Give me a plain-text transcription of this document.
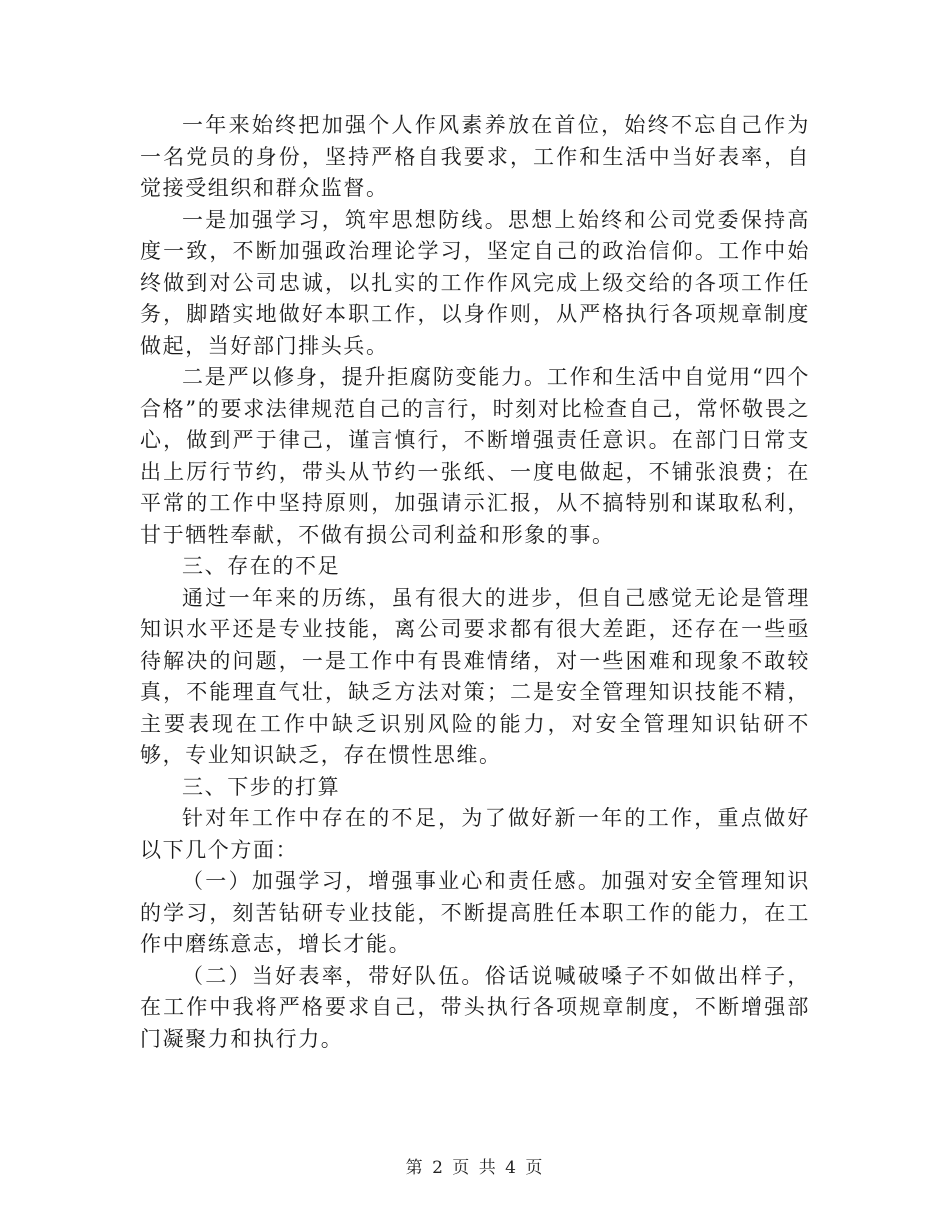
一年来始终把加强个人作风素养放在首位，始终不忘自己作为一名党员的身份，坚持严格自我要求，工作和生活中当好表率，自觉接受组织和群众监督。

一是加强学习，筑牢思想防线。思想上始终和公司党委保持高度一致，不断加强政治理论学习，坚定自己的政治信仰。工作中始终做到对公司忠诚，以扎实的工作作风完成上级交给的各项工作任务，脚踏实地做好本职工作，以身作则，从严格执行各项规章制度做起，当好部门排头兵。

二是严以修身，提升拒腐防变能力。工作和生活中自觉用“四个合格”的要求法律规范自己的言行，时刻对比检查自己，常怀敬畏之心，做到严于律己，谨言慎行，不断增强责任意识。在部门日常支出上厉行节约，带头从节约一张纸、一度电做起，不铺张浪费；在平常的工作中坚持原则，加强请示汇报，从不搞特别和谋取私利，甘于牺牲奉献，不做有损公司利益和形象的事。

三、存在的不足

通过一年来的历练，虽有很大的进步，但自己感觉无论是管理知识水平还是专业技能，离公司要求都有很大差距，还存在一些亟待解决的问题，一是工作中有畏难情绪，对一些困难和现象不敢较真，不能理直气壮，缺乏方法对策；二是安全管理知识技能不精，主要表现在工作中缺乏识别风险的能力，对安全管理知识钻研不够，专业知识缺乏，存在惯性思维。

三、下步的打算

针对年工作中存在的不足，为了做好新一年的工作，重点做好以下几个方面：

（一）加强学习，增强事业心和责任感。加强对安全管理知识的学习，刻苦钻研专业技能，不断提高胜任本职工作的能力，在工作中磨练意志，增长才能。

（二）当好表率，带好队伍。俗话说喊破嗓子不如做出样子，在工作中我将严格要求自己，带头执行各项规章制度，不断增强部门凝聚力和执行力。

第 2 页 共 4 页
